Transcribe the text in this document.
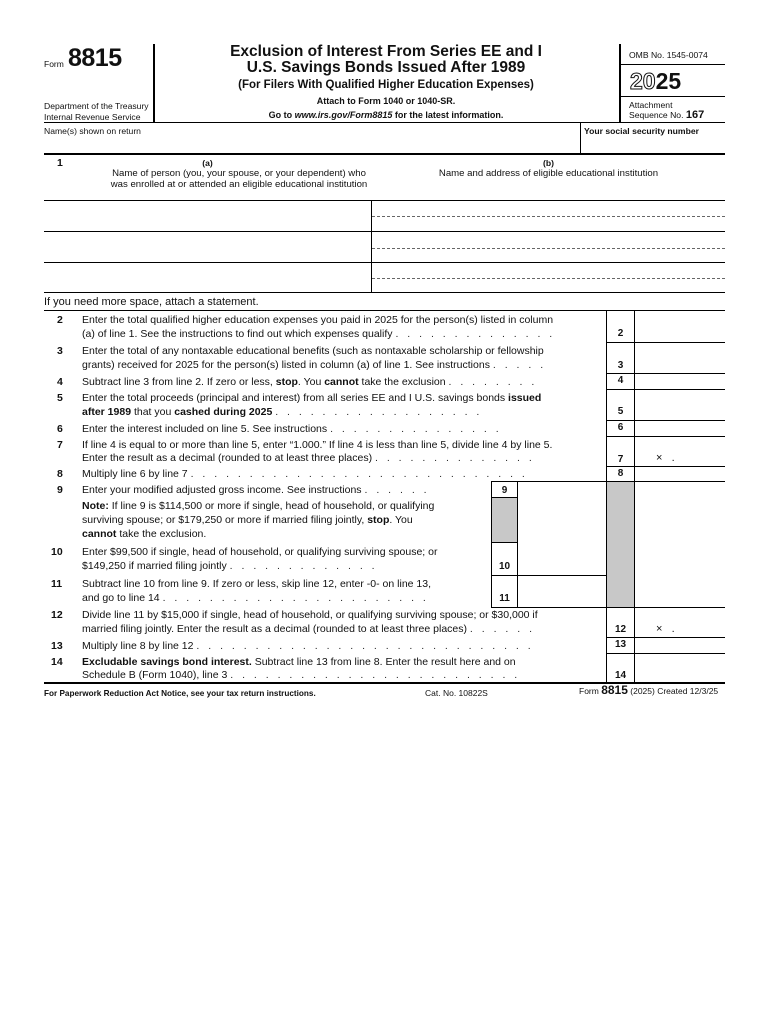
Form 8815
Department of the Treasury
Internal Revenue Service
Exclusion of Interest From Series EE and I
U.S. Savings Bonds Issued After 1989
(For Filers With Qualified Higher Education Expenses)
Attach to Form 1040 or 1040-SR.
Go to www.irs.gov/Form8815 for the latest information.
OMB No. 1545-0074
2025
Attachment
Sequence No. 167
Name(s) shown on return	Your social security number
1	(a)
Name of person (you, your spouse, or your dependent) who
was enrolled at or attended an eligible educational institution
(b)
Name and address of eligible educational institution
If you need more space, attach a statement.
2 Enter the total qualified higher education expenses you paid in 2025 for the person(s) listed in column
(a) of line 1. See the instructions to find out which expenses qualify . . . . . . . . . . . . . .	2
3 Enter the total of any nontaxable educational benefits (such as nontaxable scholarship or fellowship
grants) received for 2025 for the person(s) listed in column (a) of line 1. See instructions . . . . .	3
4 Subtract line 3 from line 2. If zero or less, stop. You cannot take the exclusion . . . . . . . .	4
5 Enter the total proceeds (principal and interest) from all series EE and I U.S. savings bonds issued
after 1989 that you cashed during 2025 . . . . . . . . . . . . . . . . . .	5
6 Enter the interest included on line 5. See instructions . . . . . . . . . . . . . . .	6
7 If line 4 is equal to or more than line 5, enter “1.000.” If line 4 is less than line 5, divide line 4 by line 5.
Enter the result as a decimal (rounded to at least three places) . . . . . . . . . . . . . .	7	×   .
8 Multiply line 6 by line 7 . . . . . . . . . . . . . . . . . . . . . . . . . . . . .	8
9 Enter your modified adjusted gross income. See instructions . . . . . .	9
Note: If line 9 is $114,500 or more if single, head of household, or qualifying
surviving spouse; or $179,250 or more if married filing jointly, stop. You
cannot take the exclusion.
10 Enter $99,500 if single, head of household, or qualifying surviving spouse; or
$149,250 if married filing jointly . . . . . . . . . . . . .	10
11 Subtract line 10 from line 9. If zero or less, skip line 12, enter -0- on line 13,
and go to line 14 . . . . . . . . . . . . . . . . . . . . . . .	11
12 Divide line 11 by $15,000 if single, head of household, or qualifying surviving spouse; or $30,000 if
married filing jointly. Enter the result as a decimal (rounded to at least three places) . . . . . .	12	×   .
13 Multiply line 8 by line 12 . . . . . . . . . . . . . . . . . . . . . . . . . . . . .	13
14 Excludable savings bond interest. Subtract line 13 from line 8. Enter the result here and on
Schedule B (Form 1040), line 3 . . . . . . . . . . . . . . . . . . . . . . . . .	14
For Paperwork Reduction Act Notice, see your tax return instructions.	Cat. No. 10822S	Form 8815 (2025) Created 12/3/25
